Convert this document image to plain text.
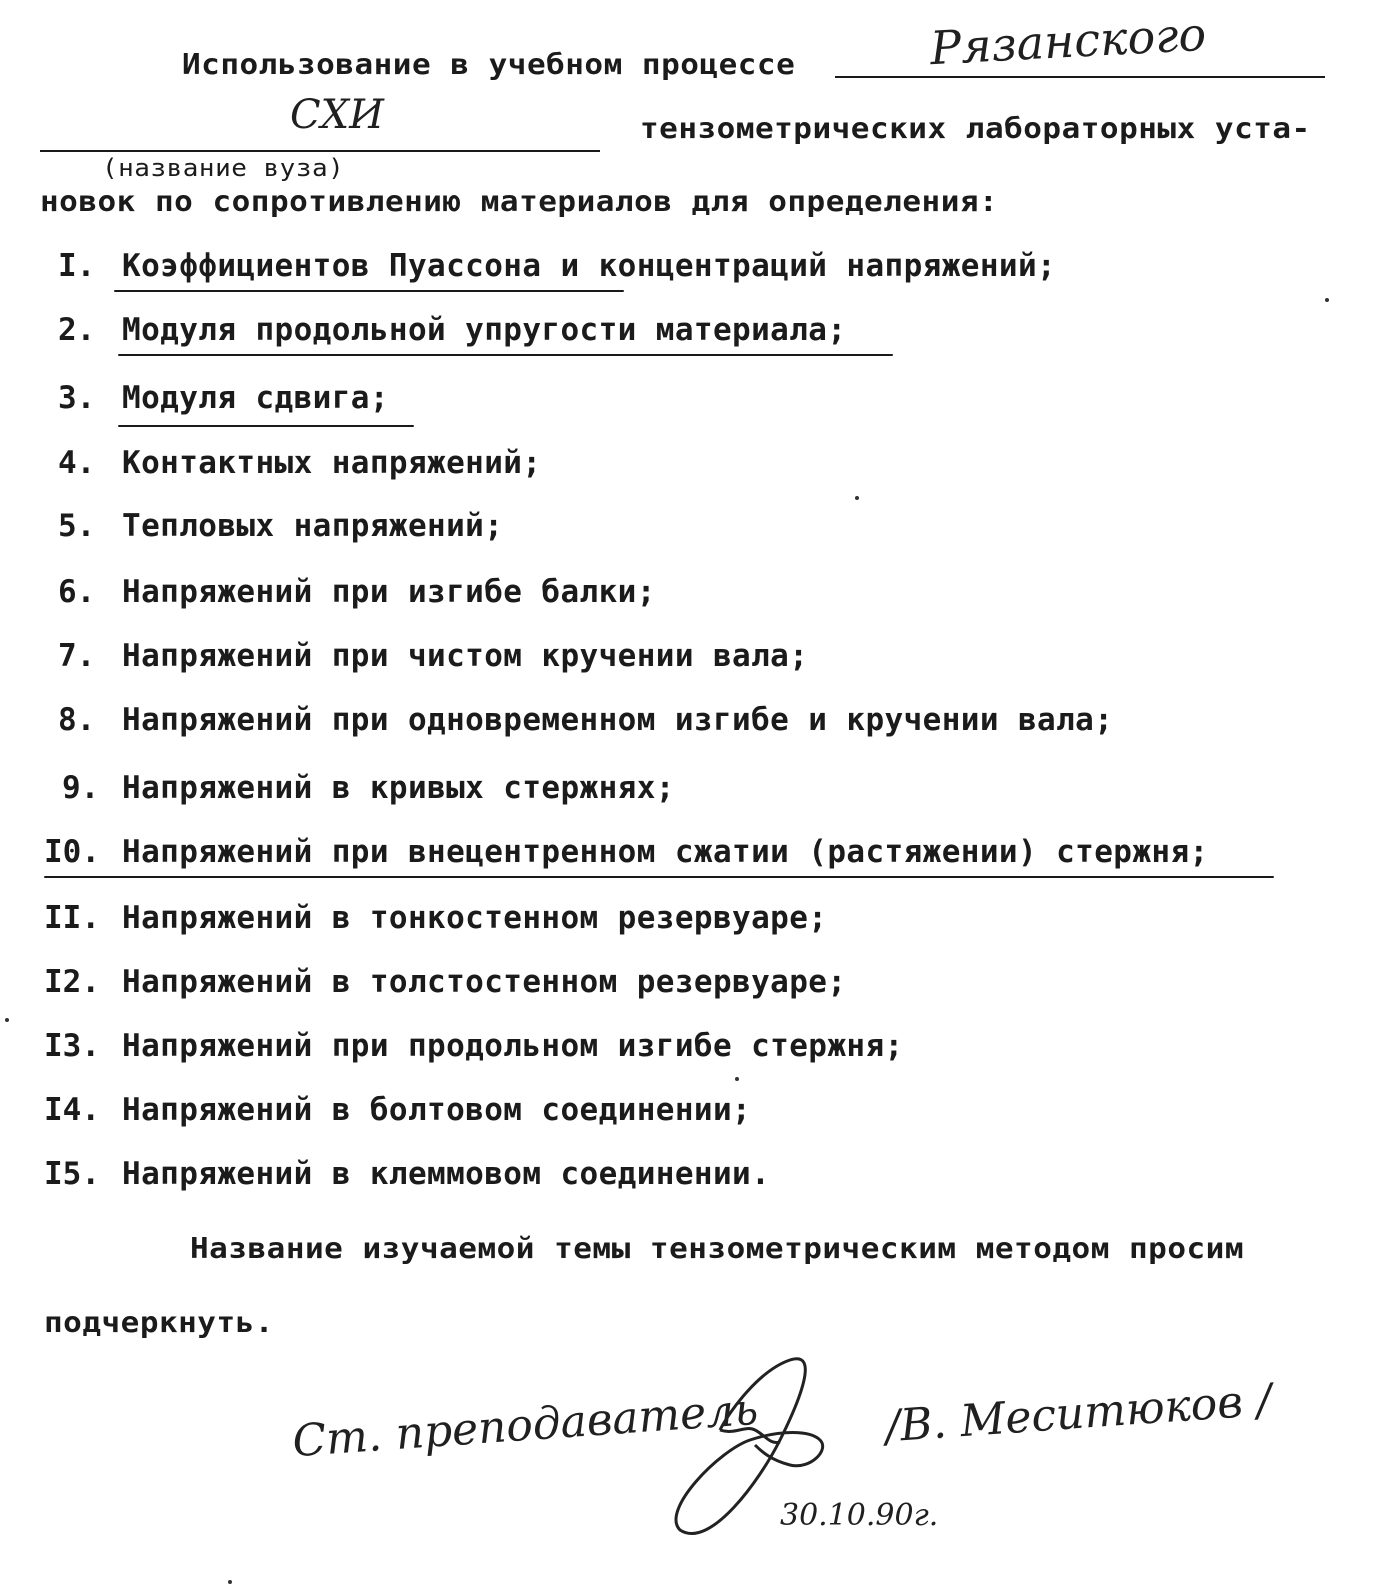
Использование в учебном процессе	Рязанского
СХИ	тензометрических лабораторных уста-
(название вуза)
новок по сопротивлению материалов для определения:
I. Коэффициентов Пуассона и концентраций напряжений;
2. Модуля продольной упругости материала;
3. Модуля сдвига;
4. Контактных напряжений;
5. Тепловых напряжений;
6. Напряжений при изгибе балки;
7. Напряжений при чистом кручении вала;
8. Напряжений при одновременном изгибе и кручении вала;
9. Напряжений в кривых стержнях;
I0. Напряжений при внецентренном сжатии (растяжении) стержня;
II. Напряжений в тонкостенном резервуаре;
I2. Напряжений в толстостенном резервуаре;
I3. Напряжений при продольном изгибе стержня;
I4. Напряжений в болтовом соединении;
I5. Напряжений в клеммовом соединении.
Название изучаемой темы тензометрическим методом просим
подчеркнуть.
Ст. преподаватель	/В. Меситюков /
30.10.90г.
